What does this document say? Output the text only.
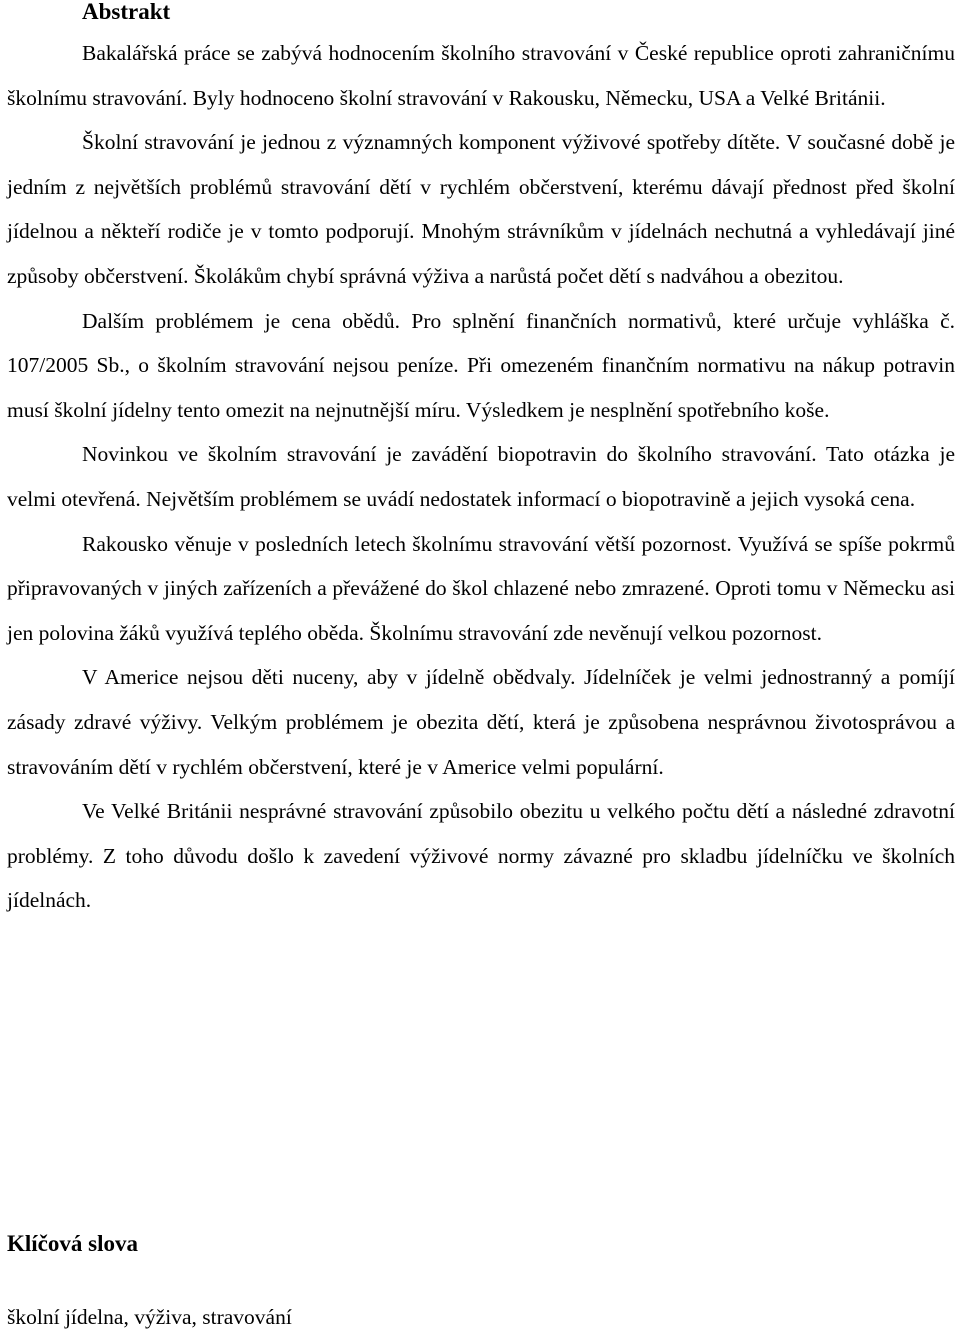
Abstrakt

Bakalářská práce se zabývá hodnocením školního stravování v České republice oproti zahraničnímu školnímu stravování. Byly hodnoceno školní stravování v Rakousku, Německu, USA a Velké Británii.

Školní stravování je jednou z významných komponent výživové spotřeby dítěte. V současné době je jedním z největších problémů stravování dětí v rychlém občerstvení, kterému dávají přednost před školní jídelnou a někteří rodiče je v tomto podporují. Mnohým strávníkům v jídelnách nechutná a vyhledávají jiné způsoby občerstvení. Školákům chybí správná výživa a narůstá počet dětí s nadváhou a obezitou.

Dalším problémem je cena obědů. Pro splnění finančních normativů, které určuje vyhláška č. 107/2005 Sb., o školním stravování nejsou peníze. Při omezeném finančním normativu na nákup potravin musí školní jídelny tento omezit na nejnutnější míru. Výsledkem je nesplnění spotřebního koše.

Novinkou ve školním stravování je zavádění biopotravin do školního stravování. Tato otázka je velmi otevřená. Největším problémem se uvádí nedostatek informací o biopotravině a jejich vysoká cena.

Rakousko věnuje v posledních letech školnímu stravování větší pozornost. Využívá se spíše pokrmů připravovaných v jiných zařízeních a převážené do škol chlazené nebo zmrazené. Oproti tomu v Německu asi jen polovina žáků využívá teplého oběda. Školnímu stravování zde nevěnují velkou pozornost.

V Americe nejsou děti nuceny, aby v jídelně obědvaly. Jídelníček je velmi jednostranný a pomíjí zásady zdravé výživy. Velkým problémem je obezita dětí, která je způsobena nesprávnou životosprávou a stravováním dětí v rychlém občerstvení, které je v Americe velmi populární.

Ve Velké Británii nesprávné stravování způsobilo obezitu u velkého počtu dětí a následné zdravotní problémy. Z toho důvodu došlo k zavedení výživové normy závazné pro skladbu jídelníčku ve školních jídelnách.

Klíčová slova

školní jídelna, výživa, stravování
